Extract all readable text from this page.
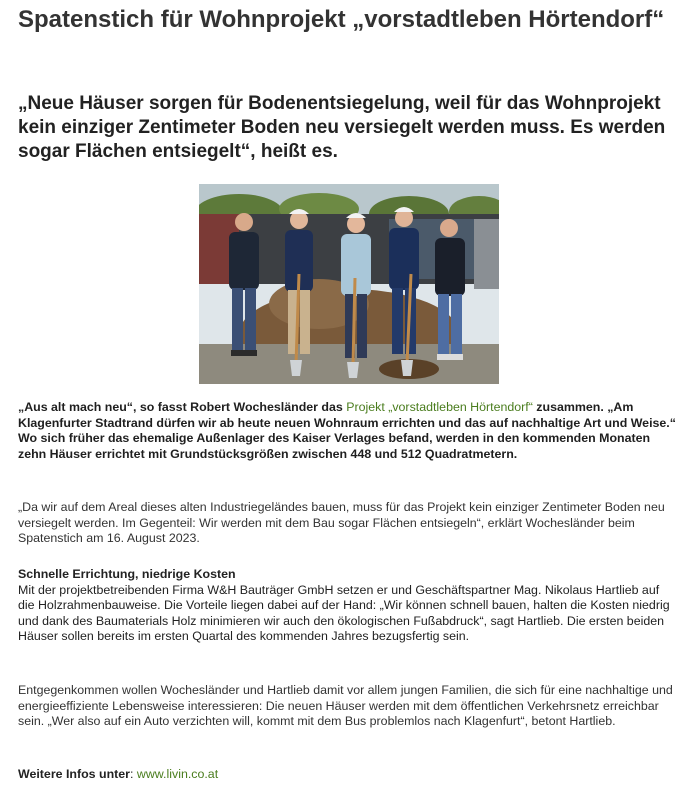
Spatenstich für Wohnprojekt „vorstadtleben Hörtendorf“
„Neue Häuser sorgen für Bodenentsiegelung, weil für das Wohnprojekt kein einziger Zentimeter Boden neu versiegelt werden muss. Es werden sogar Flächen entsiegelt“, heißt es.

„Aus alt mach neu“, so fasst Robert Wocheslӓnder das Projekt „vorstadtleben Hörtendorf“ zusammen. „Am Klagenfurter Stadtrand dürfen wir ab heute neuen Wohnraum errichten und das auf nachhaltige Art und Weise.“ Wo sich früher das ehemalige Außenlager des Kaiser Verlages befand, werden in den kommenden Monaten zehn Häuser errichtet mit Grundstücksgrößen zwischen 448 und 512 Quadratmetern.

„Da wir auf dem Areal dieses alten Industriegelӓndes bauen, muss für das Projekt kein einziger Zentimeter Boden neu versiegelt werden. Im Gegenteil: Wir werden mit dem Bau sogar Flächen entsiegeln“, erklärt Wocheslӓnder beim Spatenstich am 16. August 2023.

Schnelle Errichtung, niedrige Kosten
Mit der projektbetreibenden Firma W&H Bauträger GmbH setzen er und Geschäftspartner Mag. Nikolaus Hartlieb auf die Holzrahmenbauweise. Die Vorteile liegen dabei auf der Hand: „Wir können schnell bauen, halten die Kosten niedrig und dank des Baumaterials Holz minimieren wir auch den ökologischen Fußabdruck“, sagt Hartlieb. Die ersten beiden Häuser sollen bereits im ersten Quartal des kommenden Jahres bezugsfertig sein.

Entgegenkommen wollen Wocheslӓnder und Hartlieb damit vor allem jungen Familien, die sich für eine nachhaltige und energieeffiziente Lebensweise interessieren: Die neuen Häuser werden mit dem öffentlichen Verkehrsnetz erreichbar sein. „Wer also auf ein Auto verzichten will, kommt mit dem Bus problemlos nach Klagenfurt“, betont Hartlieb.

Weitere Infos unter: www.livin.co.at
